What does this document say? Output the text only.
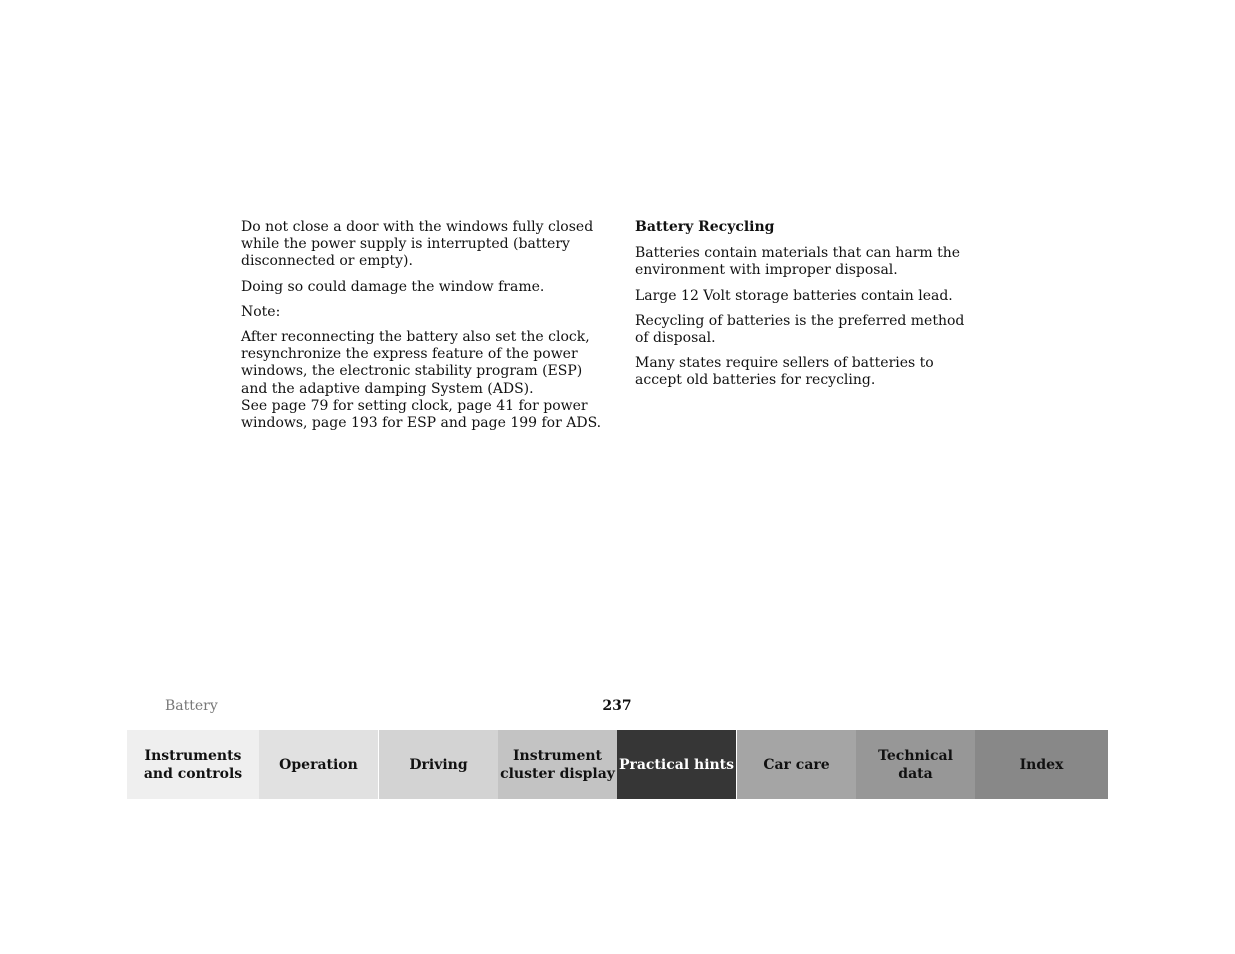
Do not close a door with the windows fully closed while the power supply is interrupted (battery disconnected or empty).

Doing so could damage the window frame.

Note:

After reconnecting the battery also set the clock, resynchronize the express feature of the power windows, the electronic stability program (ESP) and the adaptive damping System (ADS).

See page 79 for setting clock, page 41 for power windows, page 193 for ESP and page 199 for ADS.

Battery Recycling

Batteries contain materials that can harm the environment with improper disposal.

Large 12 Volt storage batteries contain lead.

Recycling of batteries is the preferred method of disposal.

Many states require sellers of batteries to accept old batteries for recycling.

Battery	237
Instruments
and controls
Operation	Driving
Instrument
cluster display
Practical hints Car care
Technical
data
Index
